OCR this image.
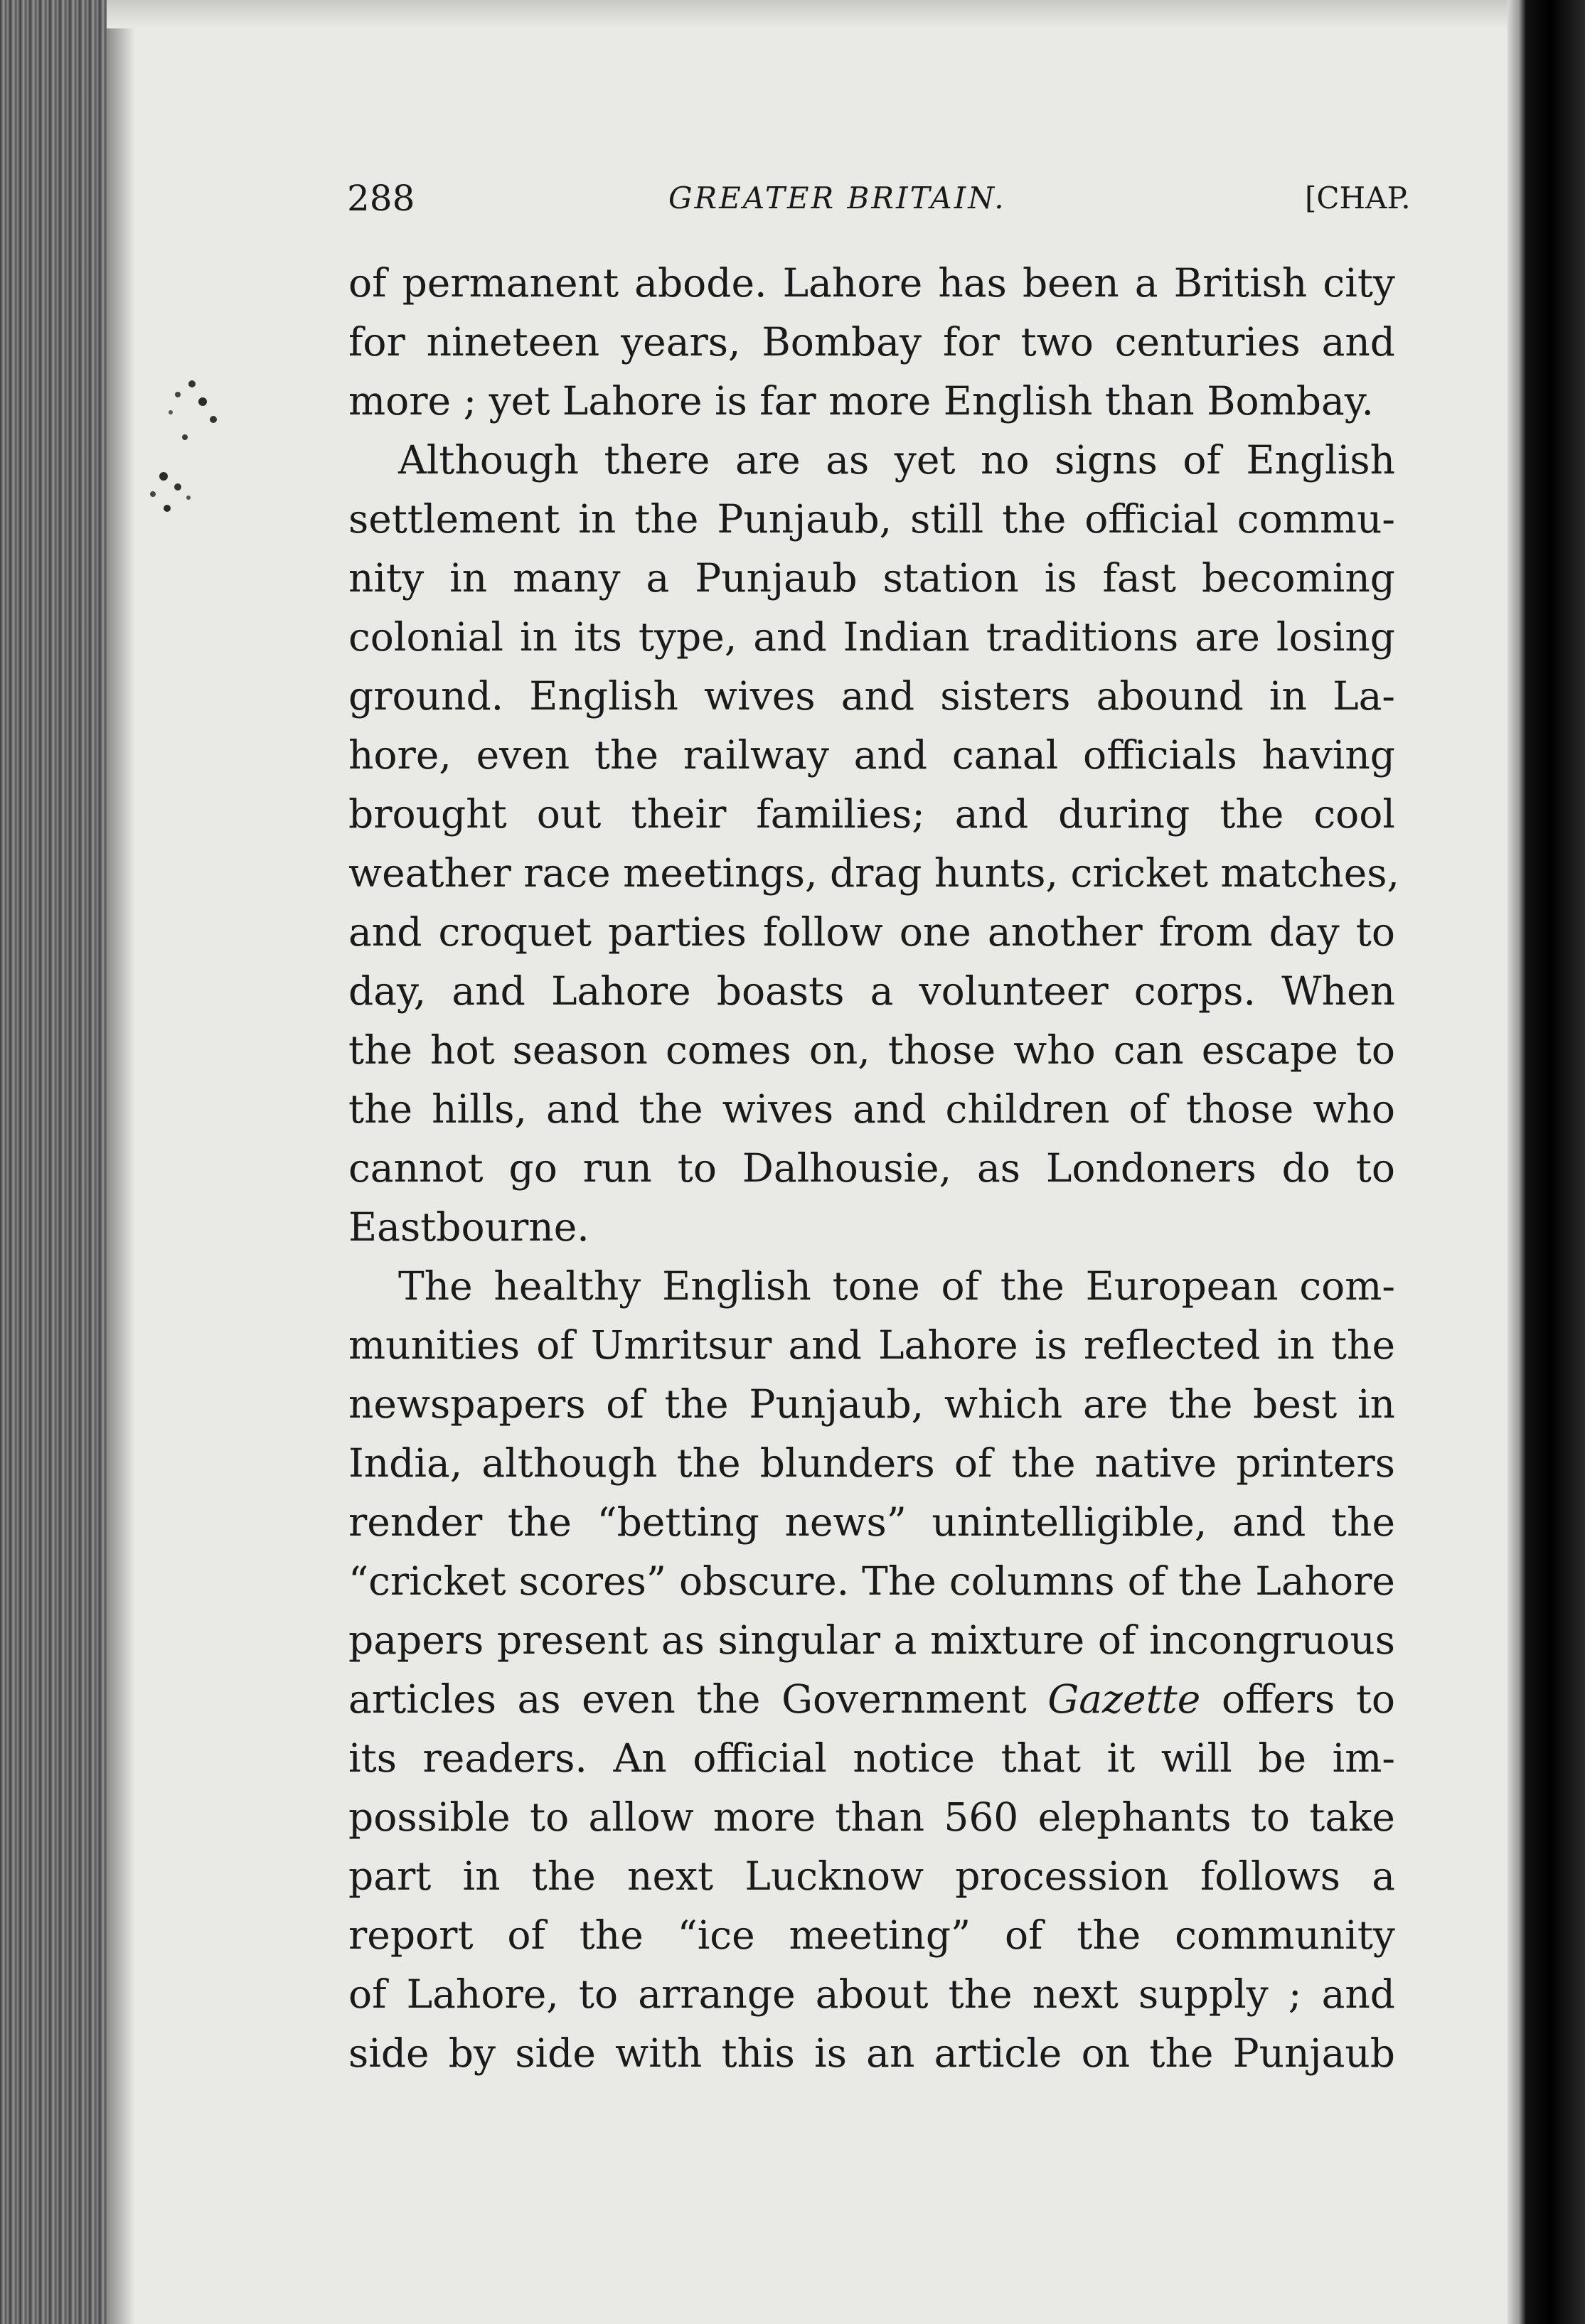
288	GREATER BRITAIN.	[CHAP.
of permanent abode. Lahore has been a British city
for nineteen years, Bombay for two centuries and
more ; yet Lahore is far more English than Bombay.
Although there are as yet no signs of English
settlement in the Punjaub, still the official commu-
nity in many a Punjaub station is fast becoming
colonial in its type, and Indian traditions are losing
ground. English wives and sisters abound in La-
hore, even the railway and canal officials having
brought out their families; and during the cool
weather race meetings, drag hunts, cricket matches,
and croquet parties follow one another from day to
day, and Lahore boasts a volunteer corps. When
the hot season comes on, those who can escape to
the hills, and the wives and children of those who
cannot go run to Dalhousie, as Londoners do to
Eastbourne.
The healthy English tone of the European com-
munities of Umritsur and Lahore is reflected in the
newspapers of the Punjaub, which are the best in
India, although the blunders of the native printers
render the “betting news” unintelligible, and the
“cricket scores” obscure. The columns of the Lahore
papers present as singular a mixture of incongruous
articles as even the Government Gazette offers to
its readers. An official notice that it will be im-
possible to allow more than 560 elephants to take
part in the next Lucknow procession follows a
report of the “ice meeting” of the community
of Lahore, to arrange about the next supply ; and
side by side with this is an article on the Punjaub
